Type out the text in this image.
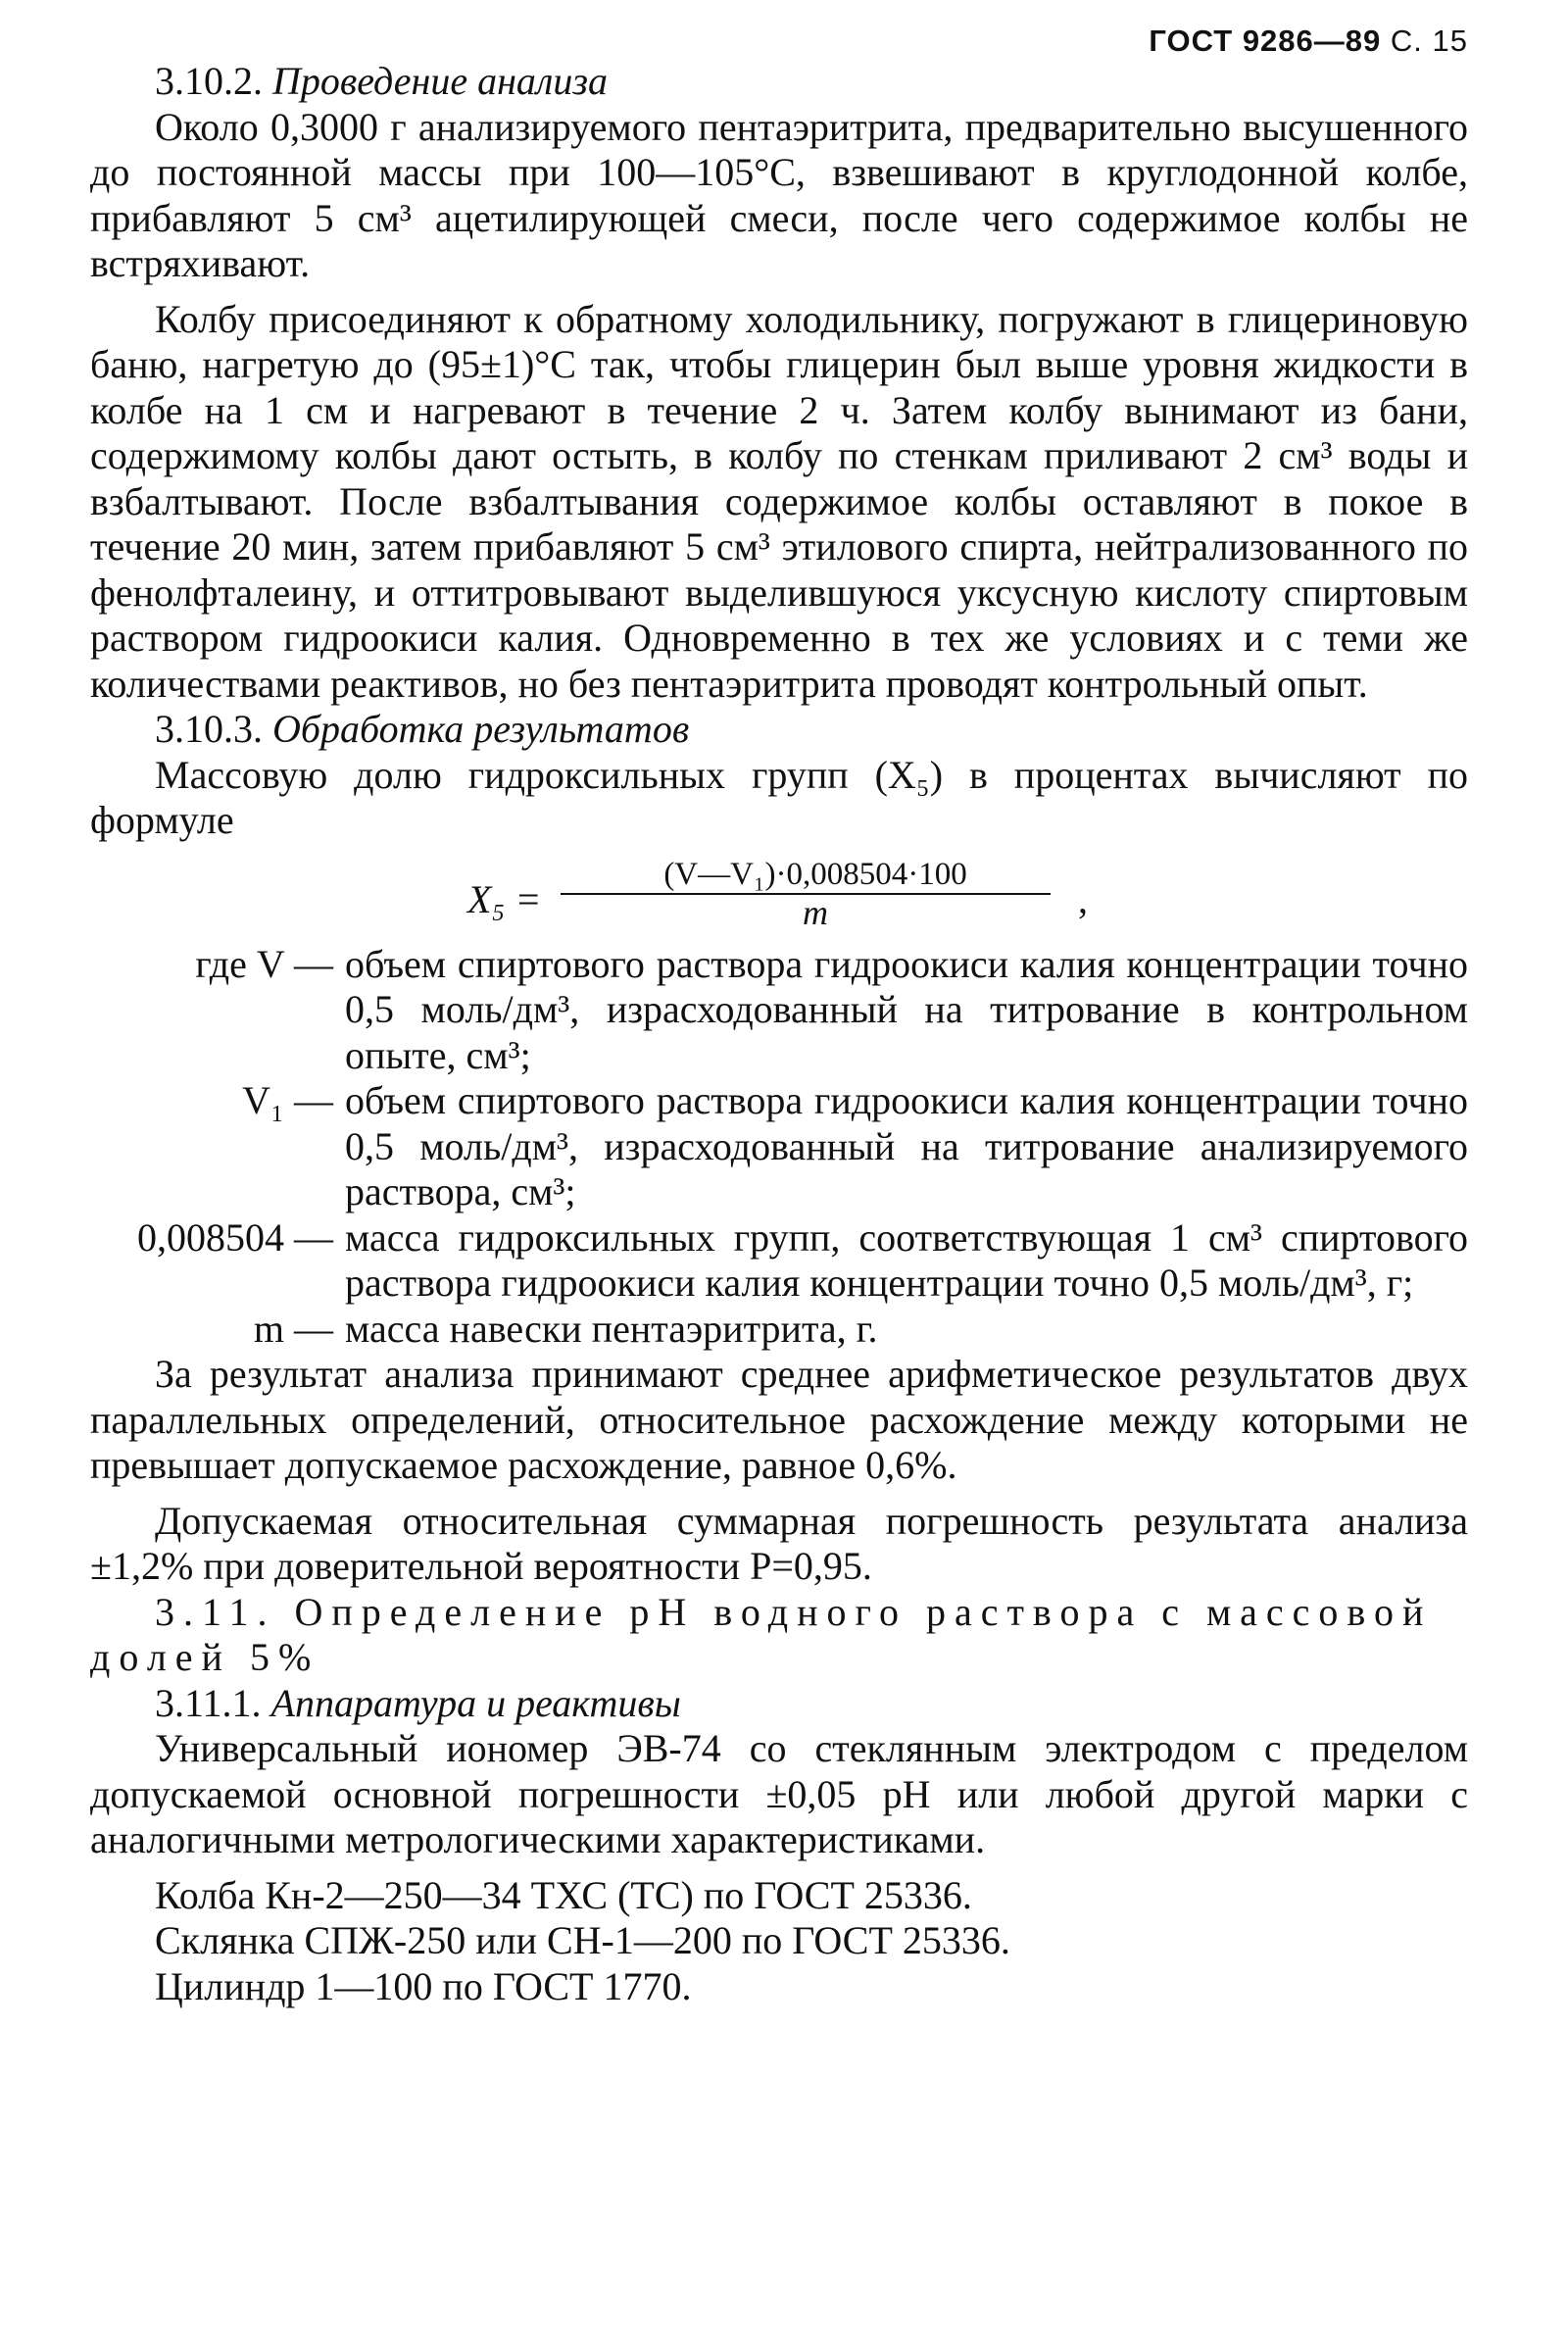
ГОСТ 9286—89 С. 15

3.10.2. Проведение анализа

Около 0,3000 г анализируемого пентаэритрита, предварительно высушенного до постоянной массы при 100—105°С, взвешивают в круглодонной колбе, прибавляют 5 см³ ацетилирующей смеси, после чего содержимое колбы не встряхивают.

Колбу присоединяют к обратному холодильнику, погружают в глицериновую баню, нагретую до (95±1)°С так, чтобы глицерин был выше уровня жидкости в колбе на 1 см и нагревают в течение 2 ч. Затем колбу вынимают из бани, содержимому колбы дают остыть, в колбу по стенкам приливают 2 см³ воды и взбалтывают. После взбалтывания содержимое колбы оставляют в покое в течение 20 мин, затем прибавляют 5 см³ этилового спирта, нейтрализованного по фенолфталеину, и оттитровывают выделившуюся уксусную кислоту спиртовым раствором гидроокиси калия. Одновременно в тех же условиях и с теми же количествами реактивов, но без пентаэритрита проводят контрольный опыт.

3.10.3. Обработка результатов

Массовую долю гидроксильных групп (X₅) в процентах вычисляют по формуле

X₅ =
(V—V₁)·0,008504·100
m	,
где V — объем спиртового раствора гидроокиси калия концентрации точно 0,5 моль/дм³, израсходованный на титрование в контрольном опыте, см³;
V₁ — объем спиртового раствора гидроокиси калия концентрации точно 0,5 моль/дм³, израсходованный на титрование анализируемого раствора, см³;
0,008504 — масса гидроксильных групп, соответствующая 1 см³ спиртового раствора гидроокиси калия концентрации точно 0,5 моль/дм³, г;
m — масса навески пентаэритрита, г.

За результат анализа принимают среднее арифметическое результатов двух параллельных определений, относительное расхождение между которыми не превышает допускаемое расхождение, равное 0,6%.

Допускаемая относительная суммарная погрешность результата анализа ±1,2% при доверительной вероятности P=0,95.

3.11. Определение pH водного раствора с массовой долей 5%

3.11.1. Аппаратура и реактивы

Универсальный иономер ЭВ-74 со стеклянным электродом с пределом допускаемой основной погрешности ±0,05 pH или любой другой марки с аналогичными метрологическими характеристиками.

Колба Кн-2—250—34 ТХС (ТС) по ГОСТ 25336.

Склянка СПЖ-250 или СН-1—200 по ГОСТ 25336.

Цилиндр 1—100 по ГОСТ 1770.
